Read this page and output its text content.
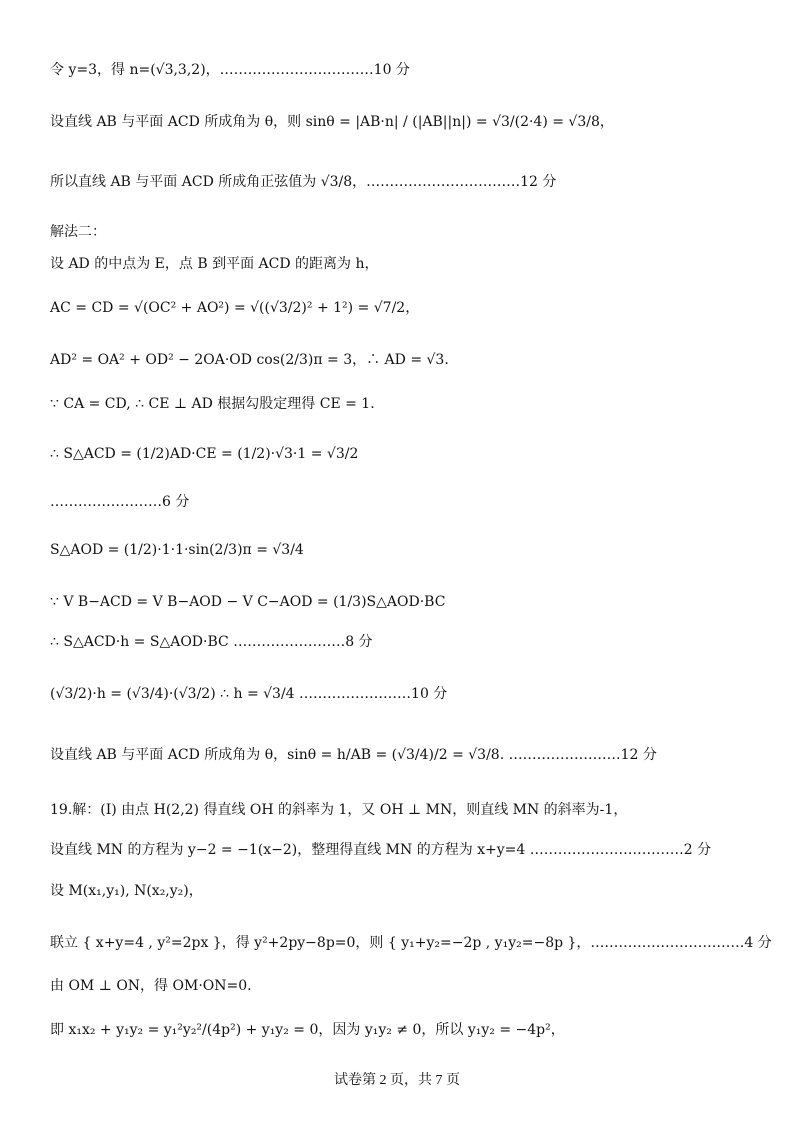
令 y=3，得 n=(√3,3,2)，……………………………10 分
设直线 AB 与平面 ACD 所成角为 θ，则 sinθ = |AB·n| / (|AB||n|) = √3/(2·4) = √3/8，
所以直线 AB 与平面 ACD 所成角正弦值为 √3/8，……………………………12 分
解法二：
设 AD 的中点为 E，点 B 到平面 ACD 的距离为 h，
AC = CD = √(OC² + AO²) = √((√3/2)² + 1²) = √7/2，
AD² = OA² + OD² − 2OA·OD cos(2/3)π = 3，∴ AD = √3.
∵ CA = CD, ∴ CE ⊥ AD 根据勾股定理得 CE = 1.
∴ S△ACD = (1/2)AD·CE = (1/2)·√3·1 = √3/2
……………………6 分
S△AOD = (1/2)·1·1·sin(2/3)π = √3/4
∵ V B−ACD = V B−AOD − V C−AOD = (1/3)S△AOD·BC
∴ S△ACD·h = S△AOD·BC ……………………8 分
(√3/2)·h = (√3/4)·(√3/2) ∴ h = √3/4 ……………………10 分
设直线 AB 与平面 ACD 所成角为 θ，sinθ = h/AB = (√3/4)/2 = √3/8. ……………………12 分
19.解：(Ⅰ) 由点 H(2,2) 得直线 OH 的斜率为 1，又 OH ⊥ MN，则直线 MN 的斜率为-1，
设直线 MN 的方程为 y−2 = −1(x−2)，整理得直线 MN 的方程为 x+y=4 ……………………………2 分
设 M(x₁,y₁), N(x₂,y₂)，
联立 { x+y=4 , y²=2px }，得 y²+2py−8p=0，则 { y₁+y₂=−2p , y₁y₂=−8p }，……………………………4 分
由 OM ⊥ ON，得 OM·ON=0.
即 x₁x₂ + y₁y₂ = y₁²y₂²/(4p²) + y₁y₂ = 0，因为 y₁y₂ ≠ 0，所以 y₁y₂ = −4p²，
试卷第 2 页，共 7 页
